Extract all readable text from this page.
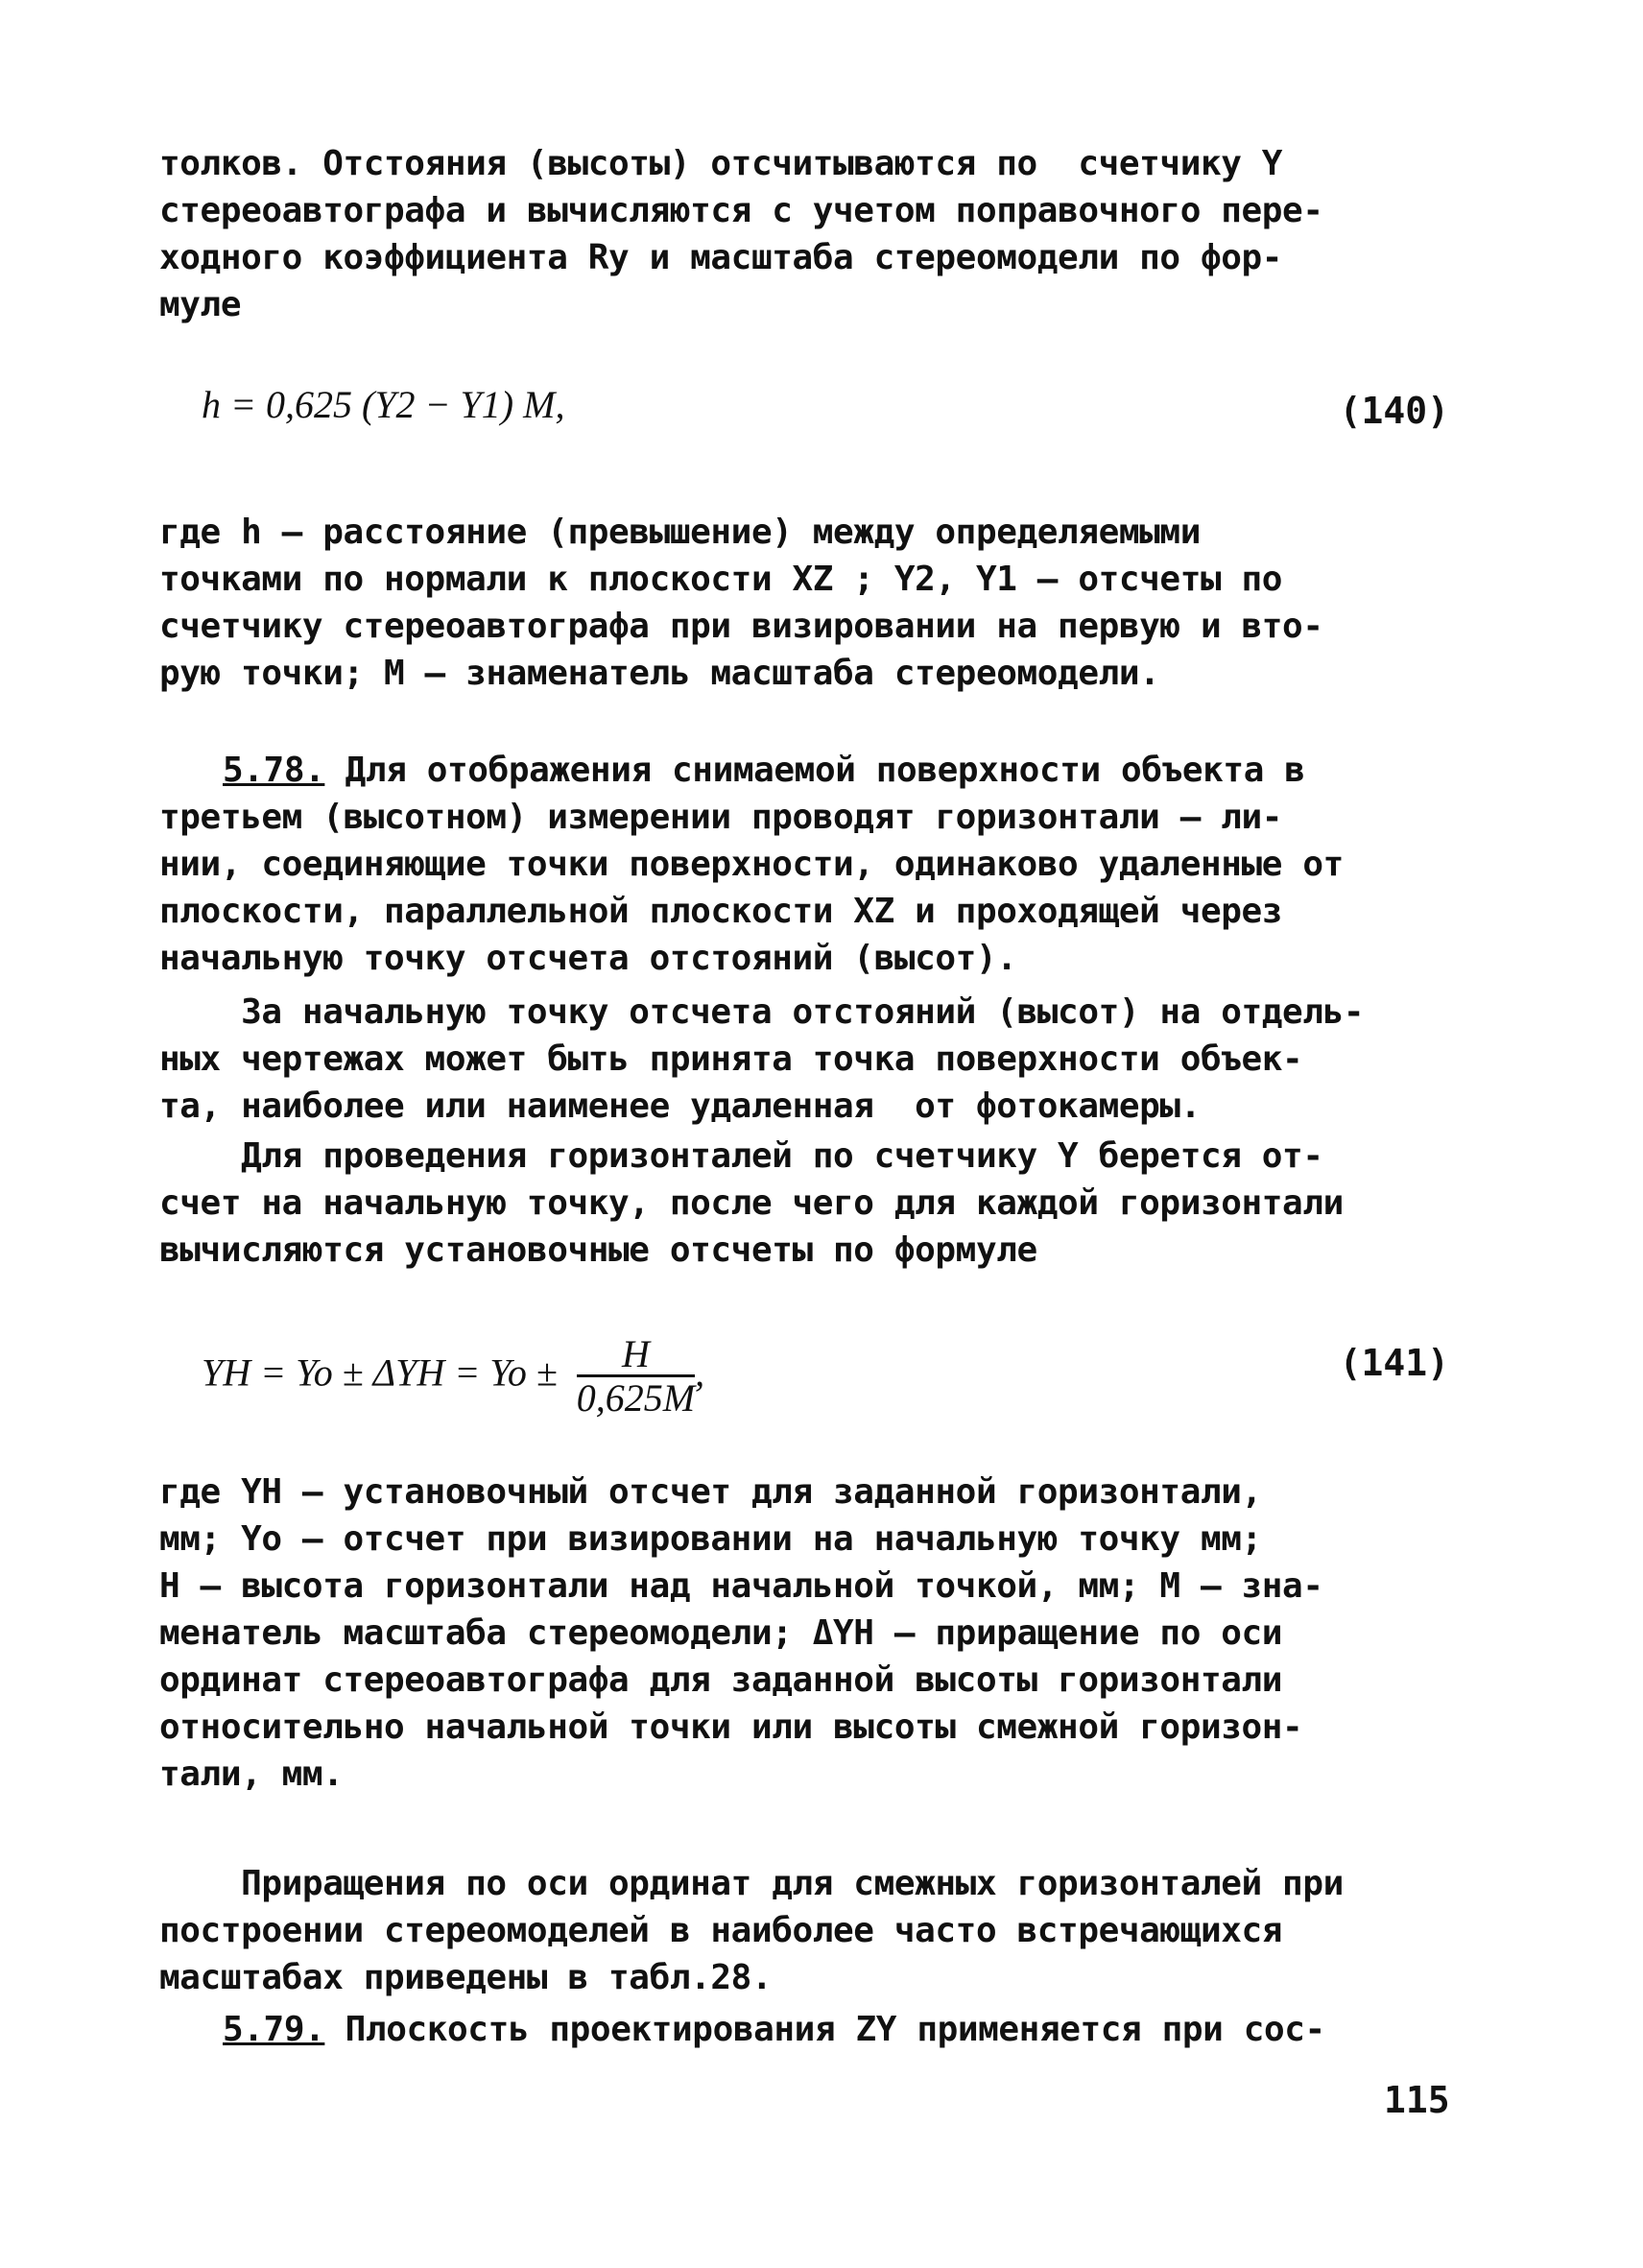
толков. Отстояния (высоты) отсчитываются по  счетчику Y
стереоавтографа и вычисляются с учетом поправочного пере-
ходного коэффициента Ry и масштаба стереомодели по фор-
муле
h = 0,625 (Y2 − Y1) M,	(140)
где h – расстояние (превышение) между определяемыми
точками по нормали к плоскости XZ ; Y2, Y1 – отсчеты по
счетчику стереоавтографа при визировании на первую и вто-
рую точки; M – знаменатель масштаба стереомодели.
5.78. Для отображения снимаемой поверхности объекта в
третьем (высотном) измерении проводят горизонтали – ли-
нии, соединяющие точки поверхности, одинаково удаленные от
плоскости, параллельной плоскости XZ и проходящей через
начальную точку отсчета отстояний (высот).
За начальную точку отсчета отстояний (высот) на отдель-
ных чертежах может быть принята точка поверхности объек-
та, наиболее или наименее удаленная  от фотокамеры.
Для проведения горизонталей по счетчику Y берется от-
счет на начальную точку, после чего для каждой горизонтали
вычисляются установочные отсчеты по формуле
YH = $Yo \pm \Delta YH = Yo \pm \frac{H}{0,625M}$ ,	(141)
где YH – установочный отсчет для заданной горизонтали,
мм; Yo – отсчет при визировании на начальную точку мм;
H – высота горизонтали над начальной точкой, мм; M – зна-
менатель масштаба стереомодели; ΔYH – приращение по оси
ординат стереоавтографа для заданной высоты горизонтали
относительно начальной точки или высоты смежной горизон-
тали, мм.
Приращения по оси ординат для смежных горизонталей при
построении стереомоделей в наиболее часто встречающихся
масштабах приведены в табл.28.
5.79. Плоскость проектирования ZY применяется при сос-
115
